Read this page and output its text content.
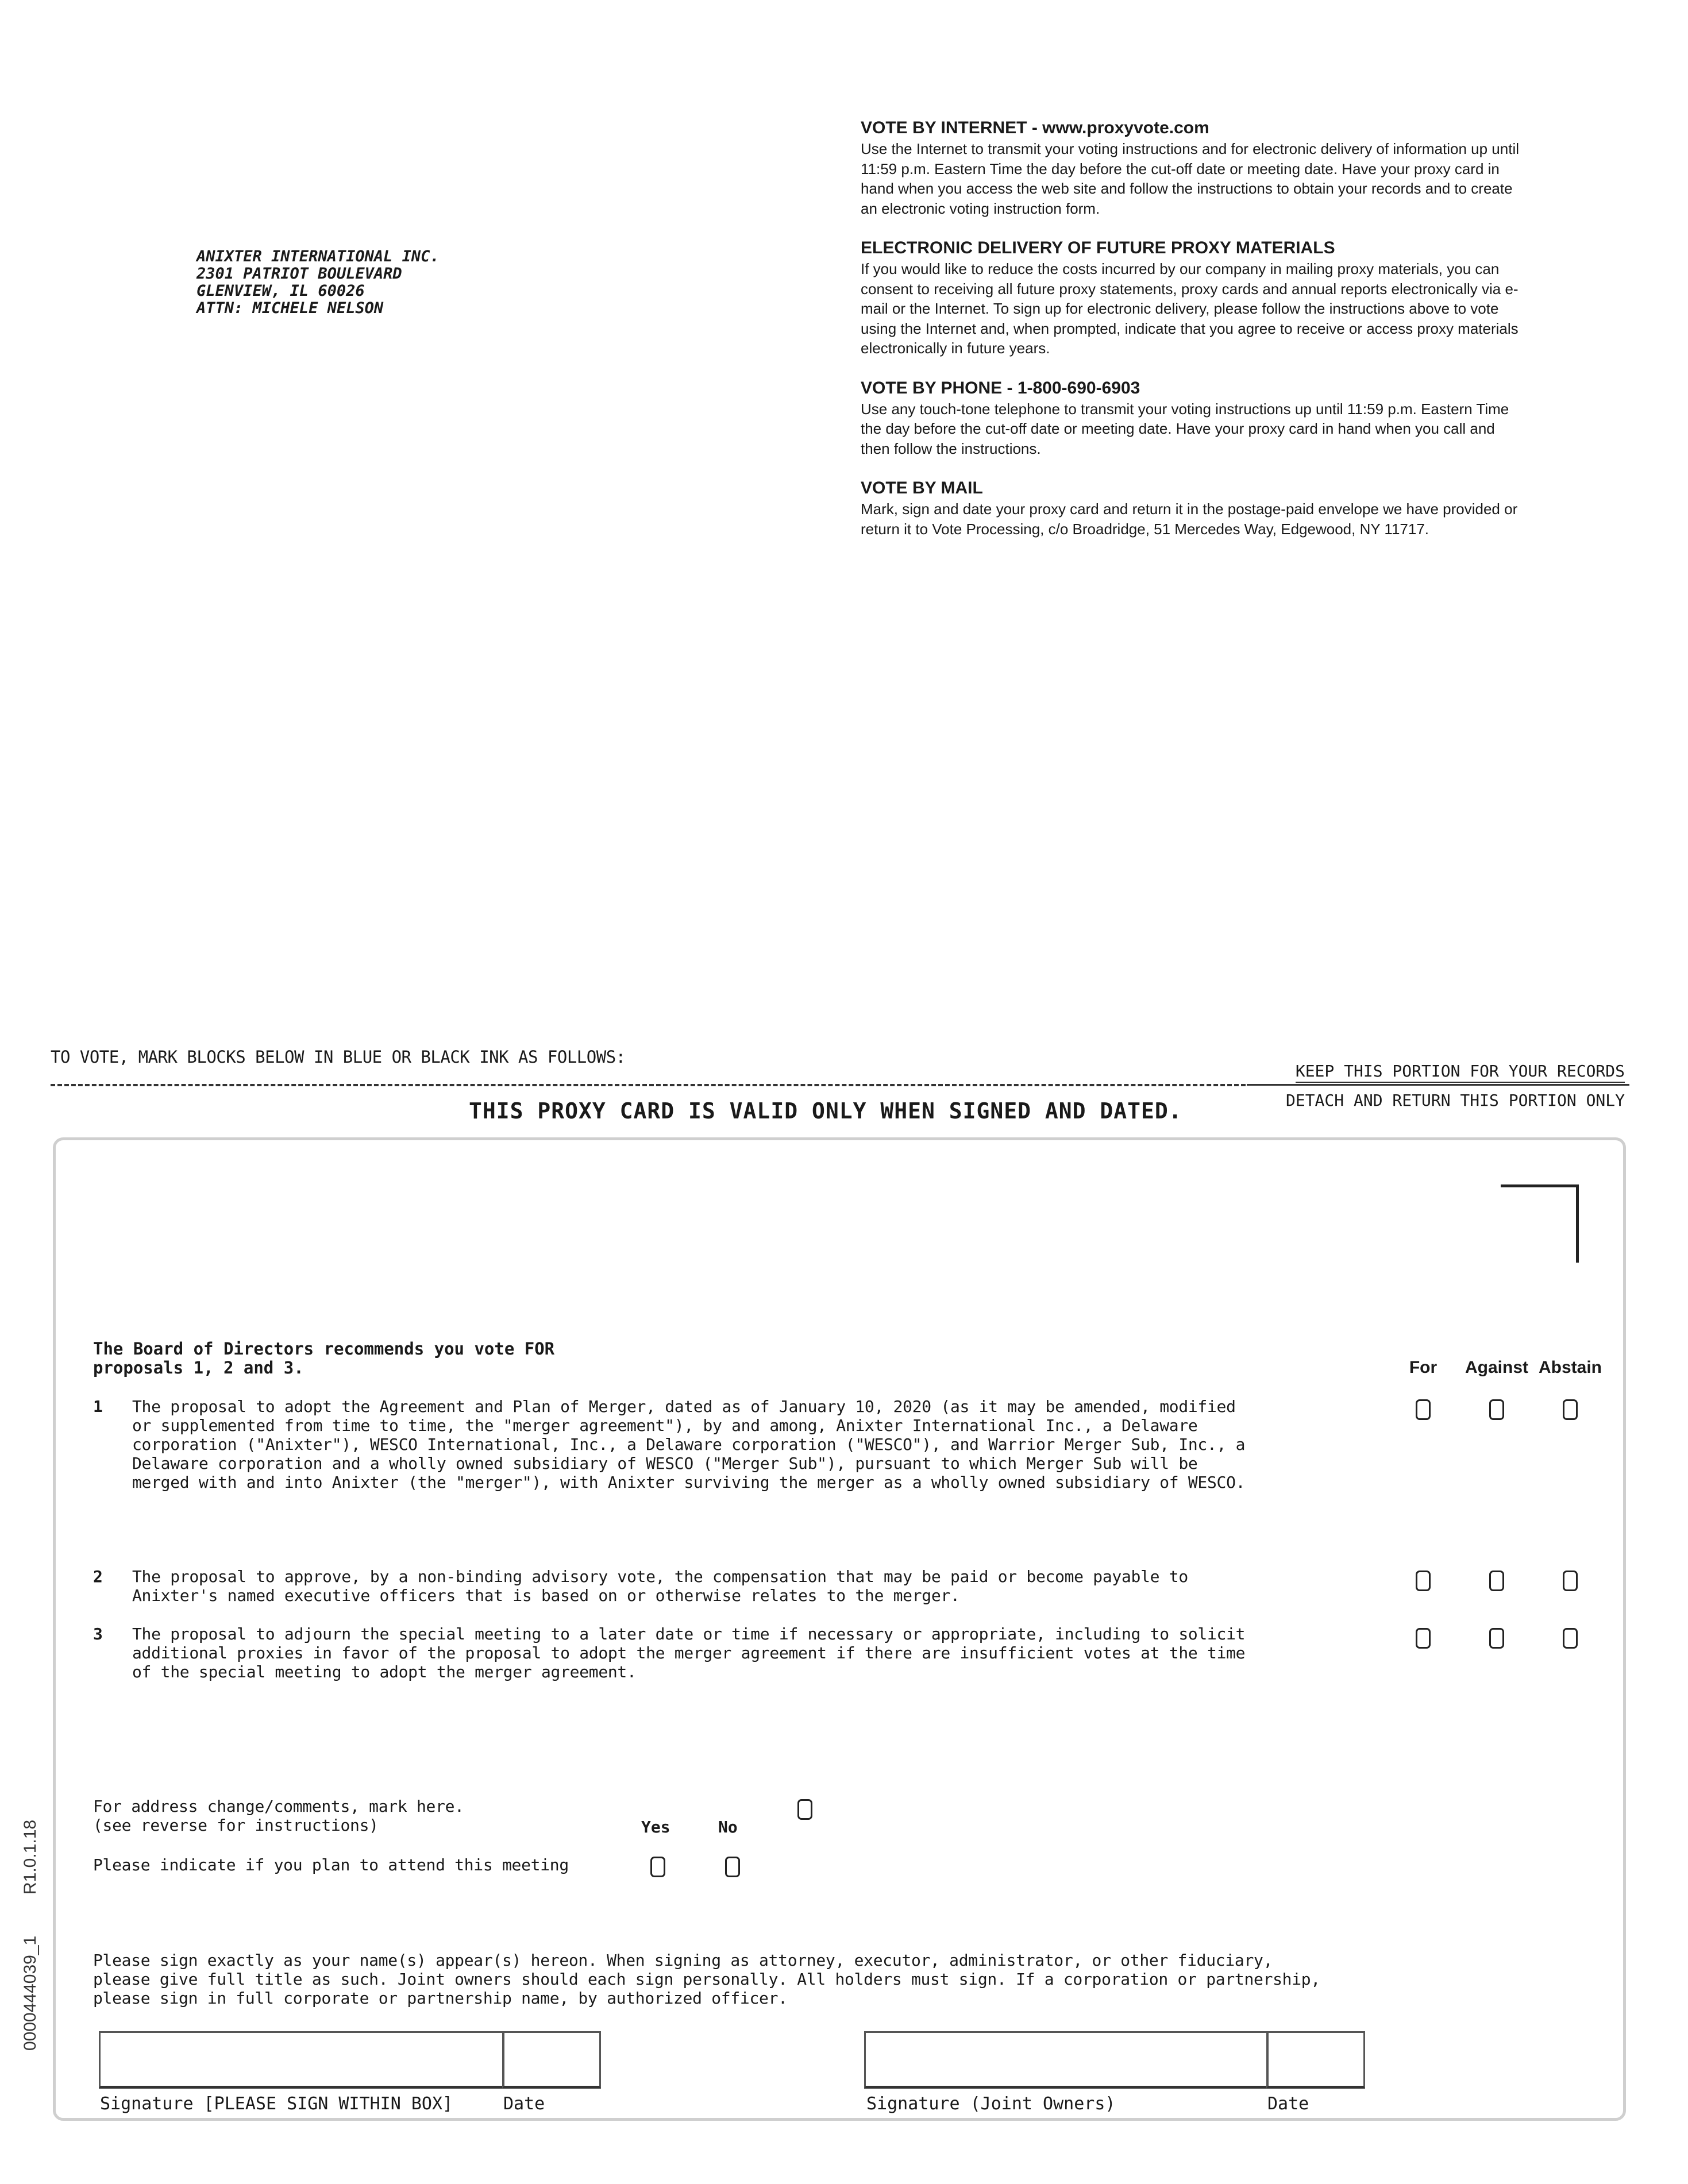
ANIXTER INTERNATIONAL INC.
2301 PATRIOT BOULEVARD
GLENVIEW, IL 60026
ATTN: MICHELE NELSON
VOTE BY INTERNET - www.proxyvote.com
Use the Internet to transmit your voting instructions and for electronic delivery of information up until 11:59 p.m. Eastern Time the day before the cut-off date or meeting date. Have your proxy card in hand when you access the web site and follow the instructions to obtain your records and to create an electronic voting instruction form.
ELECTRONIC DELIVERY OF FUTURE PROXY MATERIALS
If you would like to reduce the costs incurred by our company in mailing proxy materials, you can consent to receiving all future proxy statements, proxy cards and annual reports electronically via e-mail or the Internet. To sign up for electronic delivery, please follow the instructions above to vote using the Internet and, when prompted, indicate that you agree to receive or access proxy materials electronically in future years.
VOTE BY PHONE - 1-800-690-6903
Use any touch-tone telephone to transmit your voting instructions up until 11:59 p.m. Eastern Time the day before the cut-off date or meeting date. Have your proxy card in hand when you call and then follow the instructions.
VOTE BY MAIL
Mark, sign and date your proxy card and return it in the postage-paid envelope we have provided or return it to Vote Processing, c/o Broadridge, 51 Mercedes Way, Edgewood, NY 11717.
TO VOTE, MARK BLOCKS BELOW IN BLUE OR BLACK INK AS FOLLOWS:
KEEP THIS PORTION FOR YOUR RECORDS
DETACH AND RETURN THIS PORTION ONLY
THIS PROXY CARD IS VALID ONLY WHEN SIGNED AND DATED.
The Board of Directors recommends you vote FOR
proposals 1, 2 and 3.	For	Against Abstain
1 The proposal to adopt the Agreement and Plan of Merger, dated as of January 10, 2020 (as it may be amended, modified or supplemented from time to time, the "merger agreement"), by and among, Anixter International Inc., a Delaware corporation ("Anixter"), WESCO International, Inc., a Delaware corporation ("WESCO"), and Warrior Merger Sub, Inc., a Delaware corporation and a wholly owned subsidiary of WESCO ("Merger Sub"), pursuant to which Merger Sub will be merged with and into Anixter (the "merger"), with Anixter surviving the merger as a wholly owned subsidiary of WESCO.
2 The proposal to approve, by a non-binding advisory vote, the compensation that may be paid or become payable to Anixter's named executive officers that is based on or otherwise relates to the merger.
3 The proposal to adjourn the special meeting to a later date or time if necessary or appropriate, including to solicit additional proxies in favor of the proposal to adopt the merger agreement if there are insufficient votes at the time of the special meeting to adopt the merger agreement.
For address change/comments, mark here.
(see reverse for instructions)	Yes	No
Please indicate if you plan to attend this meeting
Please sign exactly as your name(s) appear(s) hereon. When signing as attorney, executor, administrator, or other fiduciary, please give full title as such. Joint owners should each sign personally. All holders must sign. If a corporation or partnership, please sign in full corporate or partnership name, by authorized officer.
Signature [PLEASE SIGN WITHIN BOX]	Date	Signature (Joint Owners)	Date
0000444039_1
R1.0.1.18
